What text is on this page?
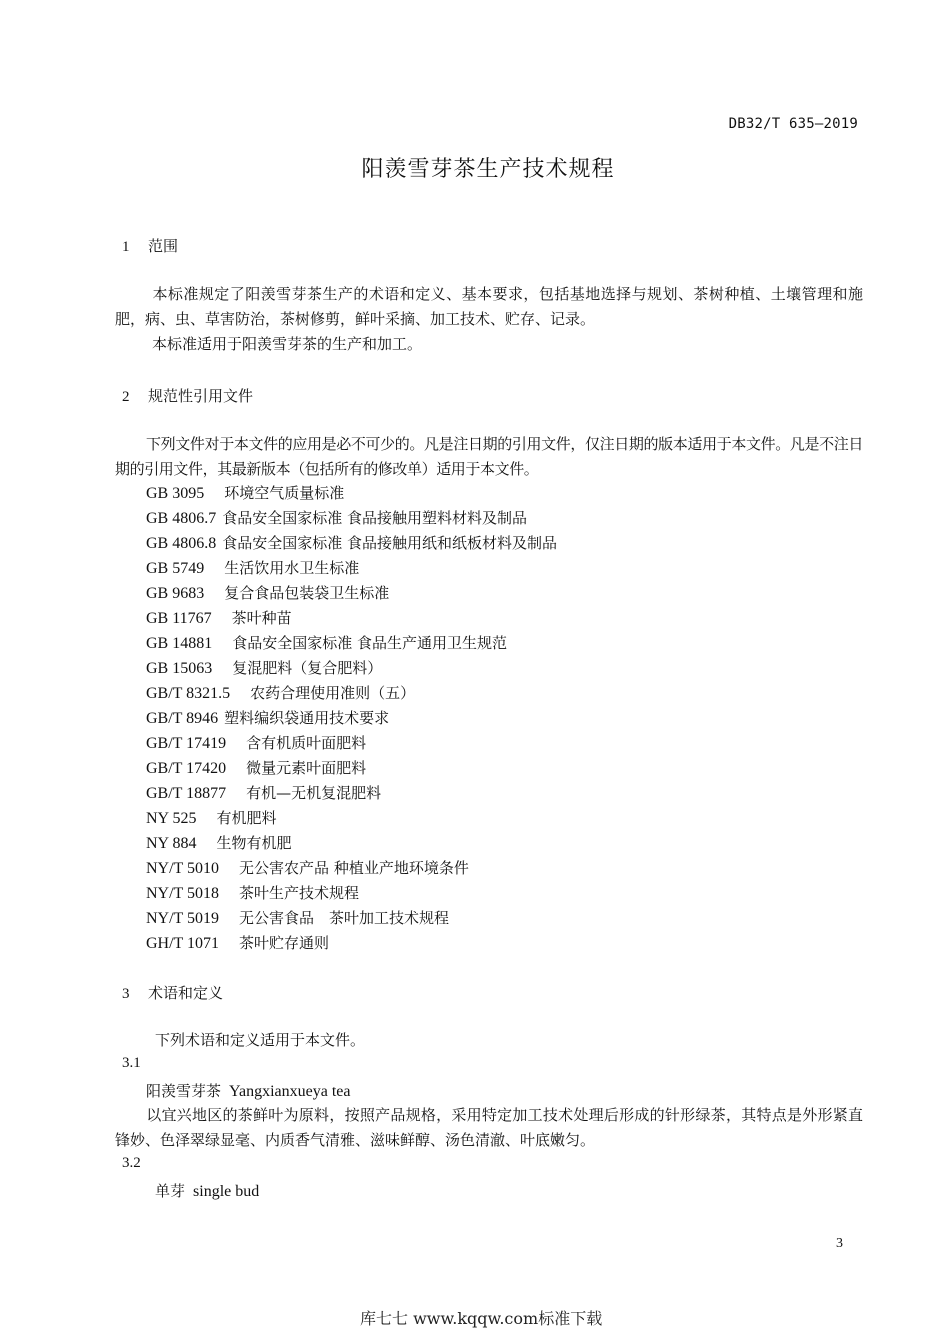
DB32/T 635—2019
阳羡雪芽茶生产技术规程
1 范围
本标准规定了阳羡雪芽茶生产的术语和定义、基本要求，包括基地选择与规划、茶树种植、土壤管理和施肥，病、虫、草害防治，茶树修剪，鲜叶采摘、加工技术、贮存、记录。
本标准适用于阳羡雪芽茶的生产和加工。
2 规范性引用文件
下列文件对于本文件的应用是必不可少的。凡是注日期的引用文件，仅注日期的版本适用于本文件。凡是不注日期的引用文件，其最新版本（包括所有的修改单）适用于本文件。
GB 3095 环境空气质量标准
GB 4806.7 食品安全国家标准 食品接触用塑料材料及制品
GB 4806.8 食品安全国家标准 食品接触用纸和纸板材料及制品
GB 5749 生活饮用水卫生标准
GB 9683 复合食品包装袋卫生标准
GB 11767 茶叶种苗
GB 14881 食品安全国家标准 食品生产通用卫生规范
GB 15063 复混肥料（复合肥料）
GB/T 8321.5 农药合理使用准则（五）
GB/T 8946 塑料编织袋通用技术要求
GB/T 17419 含有机质叶面肥料
GB/T 17420 微量元素叶面肥料
GB/T 18877 有机—无机复混肥料
NY 525 有机肥料
NY 884 生物有机肥
NY/T 5010 无公害农产品 种植业产地环境条件
NY/T 5018 茶叶生产技术规程
NY/T 5019 无公害食品　茶叶加工技术规程
GH/T 1071 茶叶贮存通则
3 术语和定义
下列术语和定义适用于本文件。
3.1
阳羡雪芽茶 Yangxianxueya tea
以宜兴地区的茶鲜叶为原料，按照产品规格，采用特定加工技术处理后形成的针形绿茶，其特点是外形紧直锋妙、色泽翠绿显毫、内质香气清雅、滋味鲜醇、汤色清澈、叶底嫩匀。
3.2
单芽 single bud
3
库七七 www.kqqw.com标准下载
